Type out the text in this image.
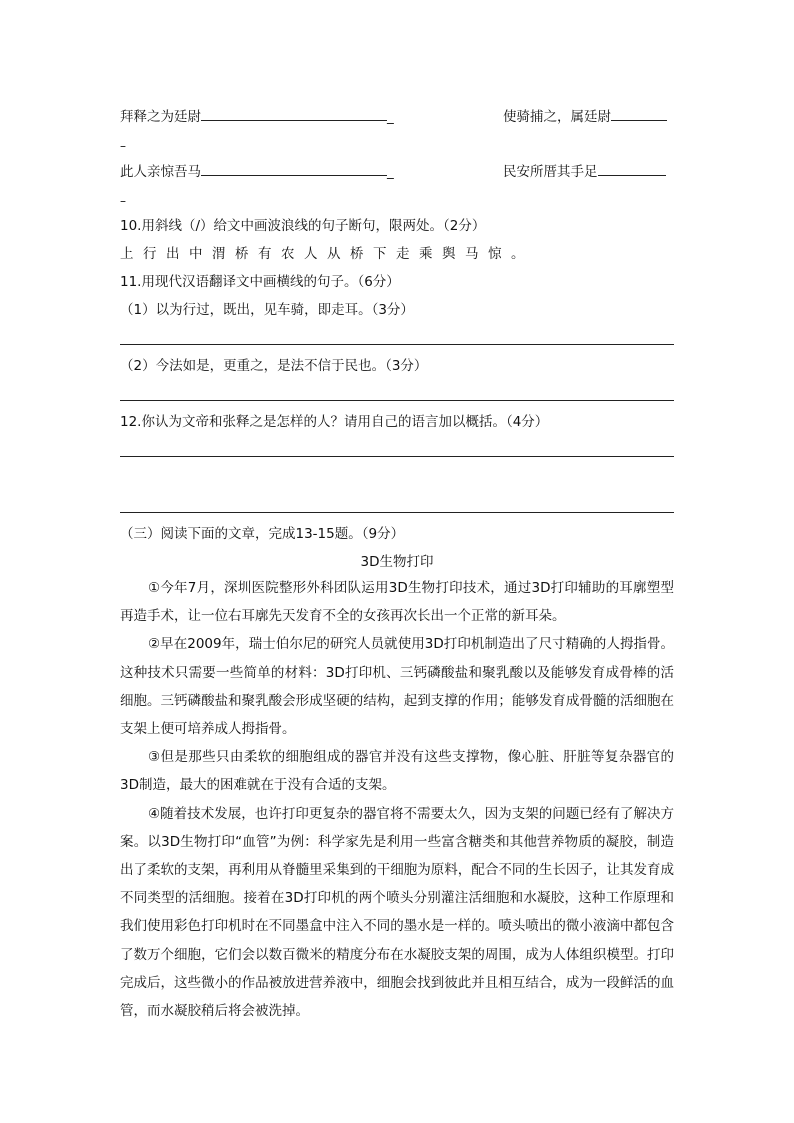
拜释之为廷尉	_	使骑捕之，属廷尉
–
此人亲惊吾马	_	民安所厝其手足
–
10.用斜线（/）给文中画波浪线的句子断句，限两处。（2分）
上行出中渭桥有农人从桥下走乘舆马惊。
11.用现代汉语翻译文中画横线的句子。（6分）
（1）以为行过，既出，见车骑，即走耳。（3分）
（2）今法如是，更重之，是法不信于民也。（3分）
12.你认为文帝和张释之是怎样的人？请用自己的语言加以概括。（4分）
（三）阅读下面的文章，完成13-15题。（9分）
3D生物打印

①今年7月，深圳医院整形外科团队运用3D生物打印技术，通过3D打印辅助的耳廓塑型再造手术，让一位右耳廓先天发育不全的女孩再次长出一个正常的新耳朵。

②早在2009年，瑞士伯尔尼的研究人员就使用3D打印机制造出了尺寸精确的人拇指骨。这种技术只需要一些简单的材料：3D打印机、三钙磷酸盐和聚乳酸以及能够发育成骨棒的活细胞。三钙磷酸盐和聚乳酸会形成坚硬的结构，起到支撑的作用；能够发育成骨髓的活细胞在支架上便可培养成人拇指骨。

③但是那些只由柔软的细胞组成的器官并没有这些支撑物，像心脏、肝脏等复杂器官的3D制造，最大的困难就在于没有合适的支架。

④随着技术发展，也许打印更复杂的器官将不需要太久，因为支架的问题已经有了解决方案。以3D生物打印“血管”为例：科学家先是利用一些富含糖类和其他营养物质的凝胶，制造出了柔软的支架，再利用从脊髓里采集到的干细胞为原料，配合不同的生长因子，让其发育成不同类型的活细胞。接着在3D打印机的两个喷头分别灌注活细胞和水凝胶，这种工作原理和我们使用彩色打印机时在不同墨盒中注入不同的墨水是一样的。喷头喷出的微小液滴中都包含了数万个细胞，它们会以数百微米的精度分布在水凝胶支架的周围，成为人体组织模型。打印完成后，这些微小的作品被放进营养液中，细胞会找到彼此并且相互结合，成为一段鲜活的血管，而水凝胶稍后将会被洗掉。
